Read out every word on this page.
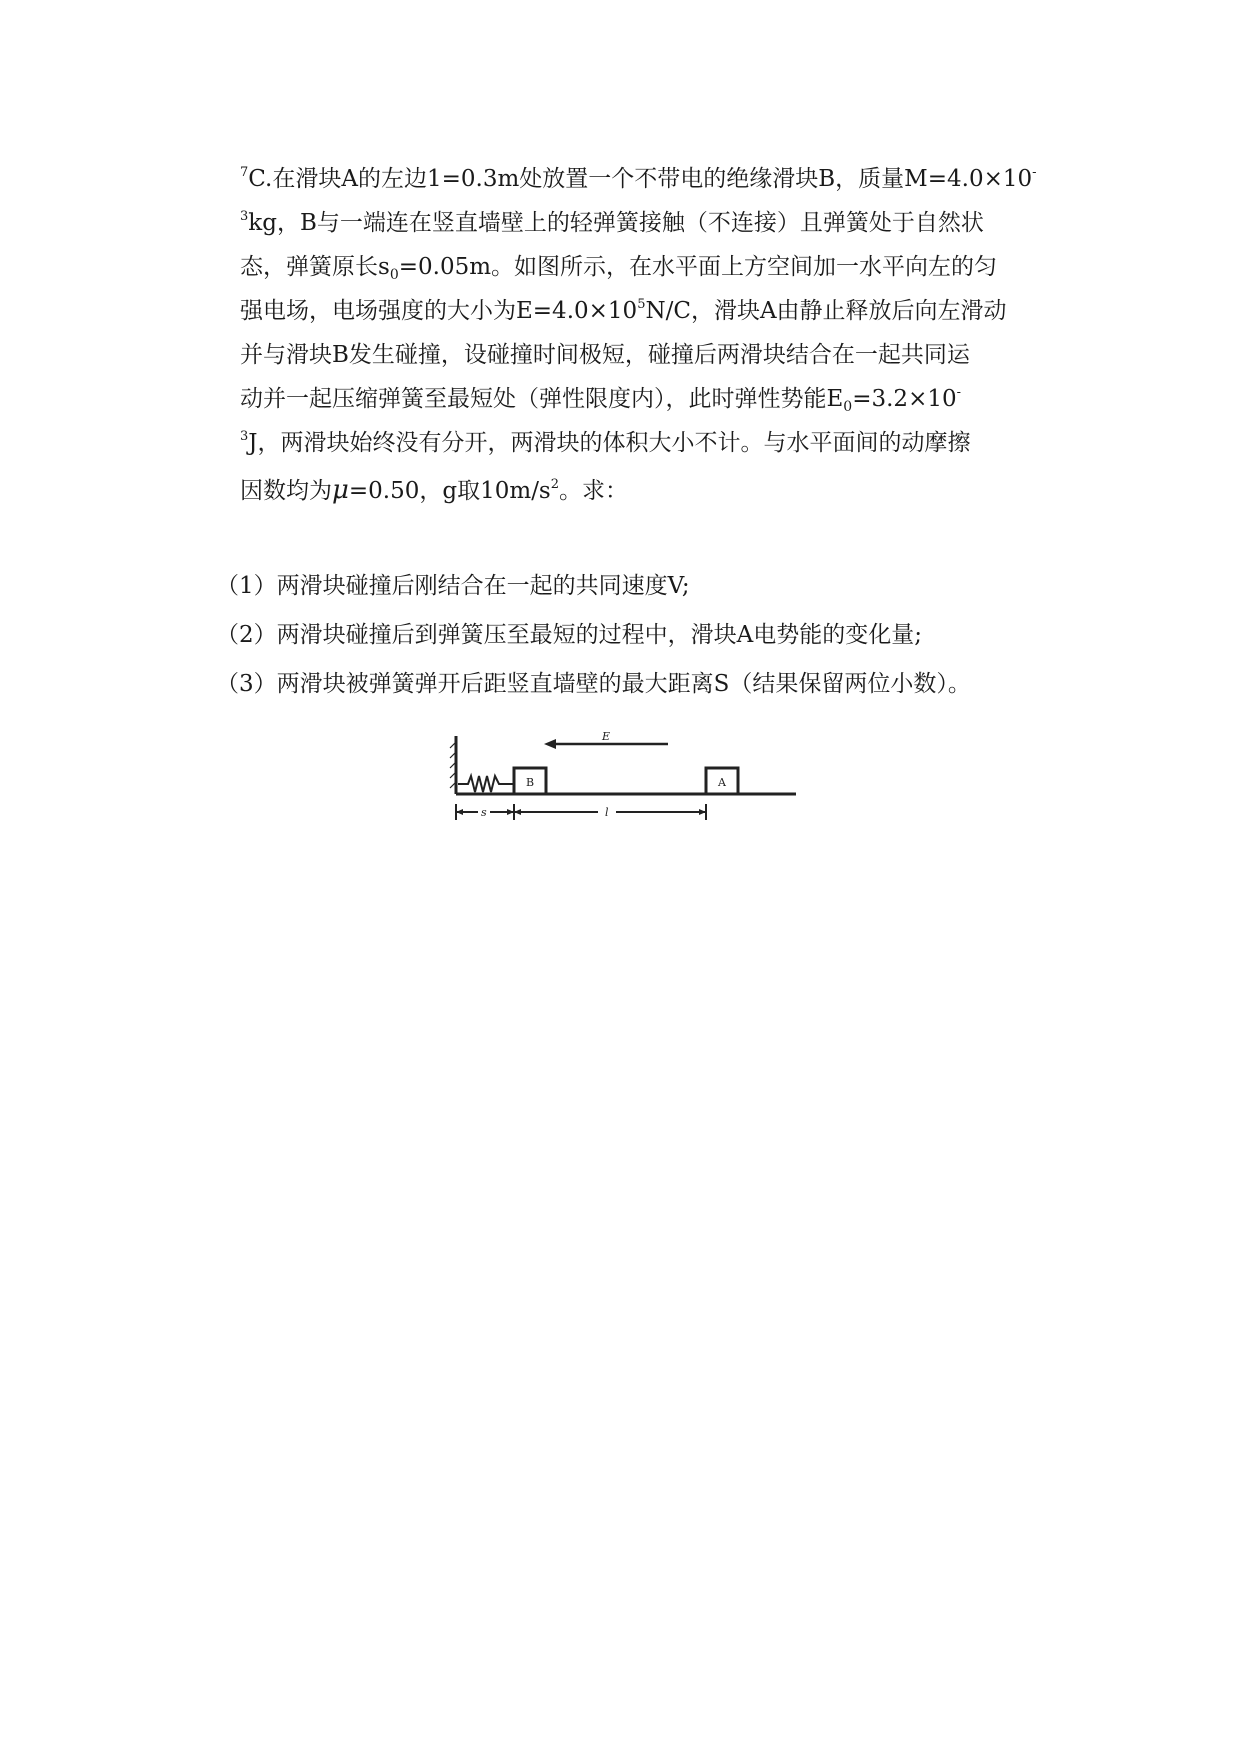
$^7$C.在滑块A的左边1=0.3m处放置一个不带电的绝缘滑块B，质量M=4.0×10-
$^3$kg，B与一端连在竖直墙壁上的轻弹簧接触（不连接）且弹簧处于自然状
态，弹簧原长$s_0=0.05m$。如图所示，在水平面上方空间加一水平向左的匀
强电场，电场强度的大小为$E=4.0\times 10^5N/C$，滑块A由静止释放后向左滑动
并与滑块B发生碰撞，设碰撞时间极短，碰撞后两滑块结合在一起共同运
动并一起压缩弹簧至最短处（弹性限度内），此时弹性势能$E_0=3.2\times 10^-$
$^3$J，两滑块始终没有分开，两滑块的体积大小不计。与水平面间的动摩擦
因数均为μ=0.50，g取$10m/s^2$。求：
（1）两滑块碰撞后刚结合在一起的共同速度V;
（2）两滑块碰撞后到弹簧压至最短的过程中，滑块A电势能的变化量;
（3）两滑块被弹簧弹开后距竖直墙壁的最大距离S（结果保留两位小数）。
E
B	A
s	l
